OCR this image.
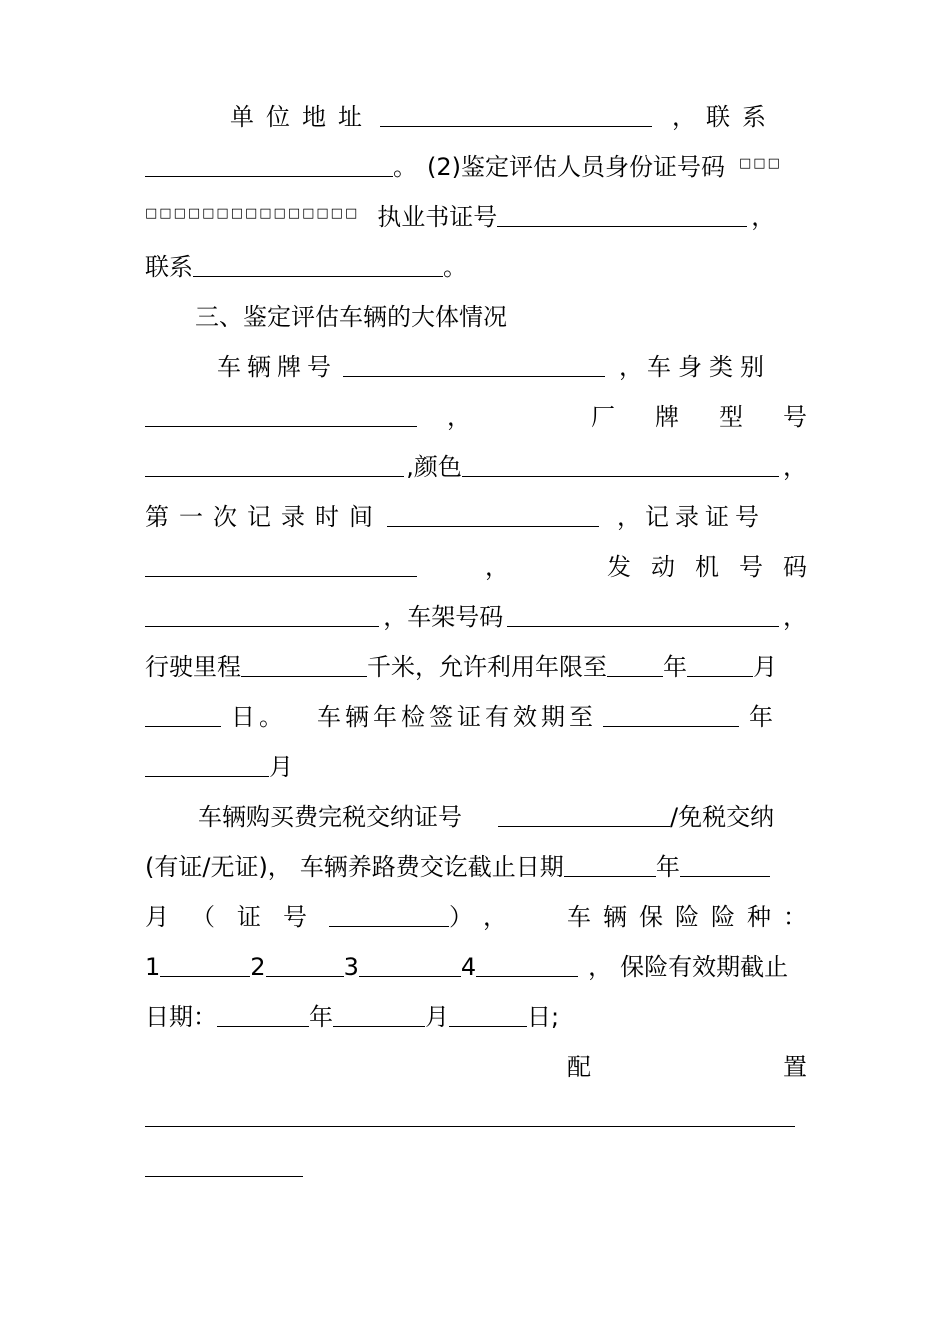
单位地址	， 联系
。 (2)鉴定评估人员身份证号码 □□□
□□□□□□□□□□□□□□□ 执业书证号	，
联系	。
三、鉴定评估车辆的大体情况
车辆牌号	， 车身类别
，	厂牌型号
,颜色	，
第一次记录时间	， 记录证号
，	发动机号码
，车架号码	，
行驶里程	千米，允许利用年限至 年	月
日。 车辆年检签证有效期至	年
月
车辆购买费完税交纳证号	/免税交纳
(有证/无证)， 车辆养路费交讫截止日期	年
月（证号	）， 车辆保险险种：
1	2	3	4	， 保险有效期截止
日期：	年	月	日;
配	置
